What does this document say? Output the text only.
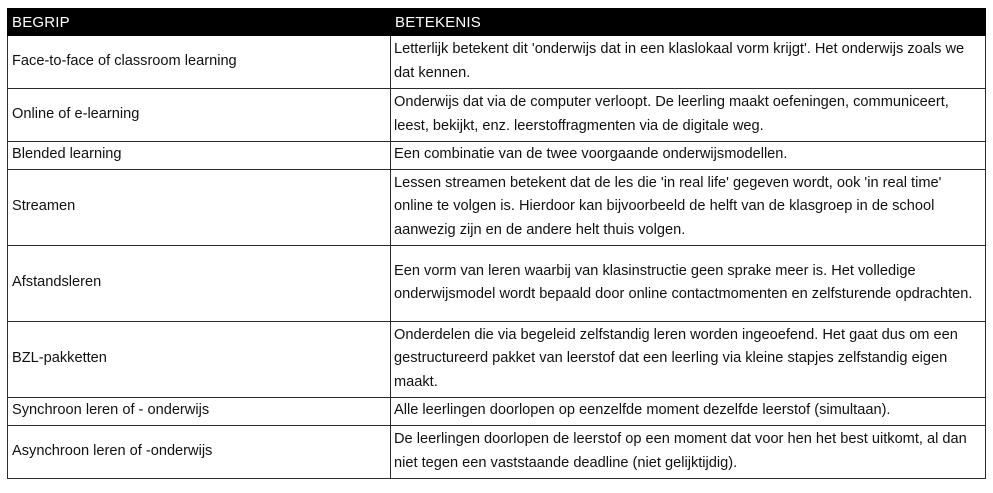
BEGRIP	BETEKENIS
Face-to-face of classroom learning	Letterlijk betekent dit 'onderwijs dat in een klaslokaal vorm krijgt'. Het onderwijs zoals we dat kennen.
Online of e-learning	Onderwijs dat via de computer verloopt. De leerling maakt oefeningen, communiceert, leest, bekijkt, enz. leerstoffragmenten via de digitale weg.
Blended learning	Een combinatie van de twee voorgaande onderwijsmodellen.
Streamen	Lessen streamen betekent dat de les die 'in real life' gegeven wordt, ook 'in real time' online te volgen is. Hierdoor kan bijvoorbeeld de helft van de klasgroep in de school aanwezig zijn en de andere helt thuis volgen.
Afstandsleren	Een vorm van leren waarbij van klasinstructie geen sprake meer is. Het volledige onderwijsmodel wordt bepaald door online contactmomenten en zelfsturende opdrachten.
BZL-pakketten	Onderdelen die via begeleid zelfstandig leren worden ingeoefend. Het gaat dus om een gestructureerd pakket van leerstof dat een leerling via kleine stapjes zelfstandig eigen maakt.
Synchroon leren of - onderwijs	Alle leerlingen doorlopen op eenzelfde moment dezelfde leerstof (simultaan).
Asynchroon leren of -onderwijs	De leerlingen doorlopen de leerstof op een moment dat voor hen het best uitkomt, al dan niet tegen een vaststaande deadline (niet gelijktijdig).
